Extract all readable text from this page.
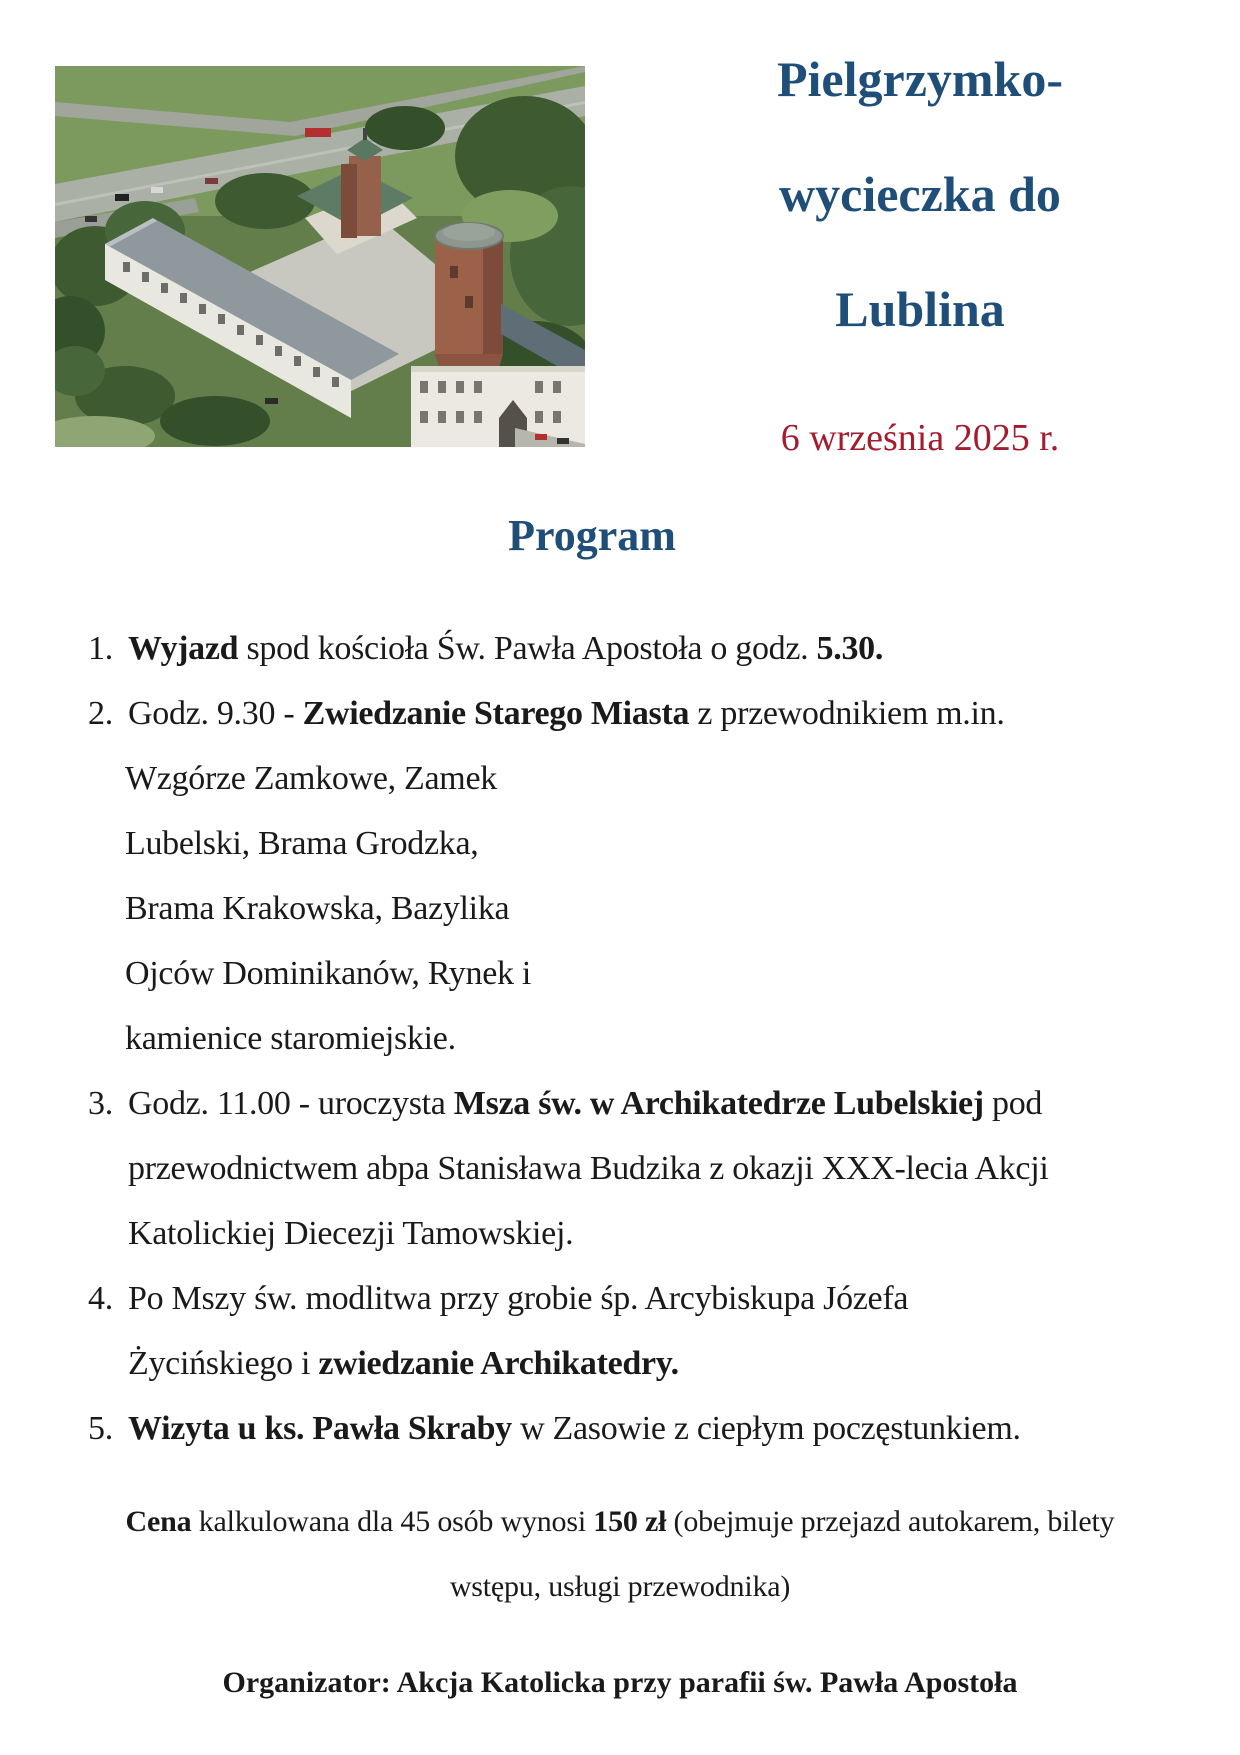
Pielgrzymko-
wycieczka do
Lublina
6 września 2025 r.
Program
1. Wyjazd spod kościoła Św. Pawła Apostoła o godz. 5.30.
2. Godz. 9.30 - Zwiedzanie Starego Miasta z przewodnikiem m.in.
Wzgórze Zamkowe, Zamek
Lubelski, Brama Grodzka,
Brama Krakowska, Bazylika
Ojców Dominikanów, Rynek i
kamienice staromiejskie.
3. Godz. 11.00 - uroczysta Msza św. w Archikatedrze Lubelskiej pod
przewodnictwem abpa Stanisława Budzika z okazji XXX-lecia Akcji
Katolickiej Diecezji Tamowskiej.
4. Po Mszy św. modlitwa przy grobie śp. Arcybiskupa Józefa
Życińskiego i zwiedzanie Archikatedry.
5. Wizyta u ks. Pawła Skraby w Zasowie z ciepłym poczęstunkiem.
Cena kalkulowana dla 45 osób wynosi 150 zł (obejmuje przejazd autokarem, bilety
wstępu, usługi przewodnika)
Organizator: Akcja Katolicka przy parafii św. Pawła Apostoła
